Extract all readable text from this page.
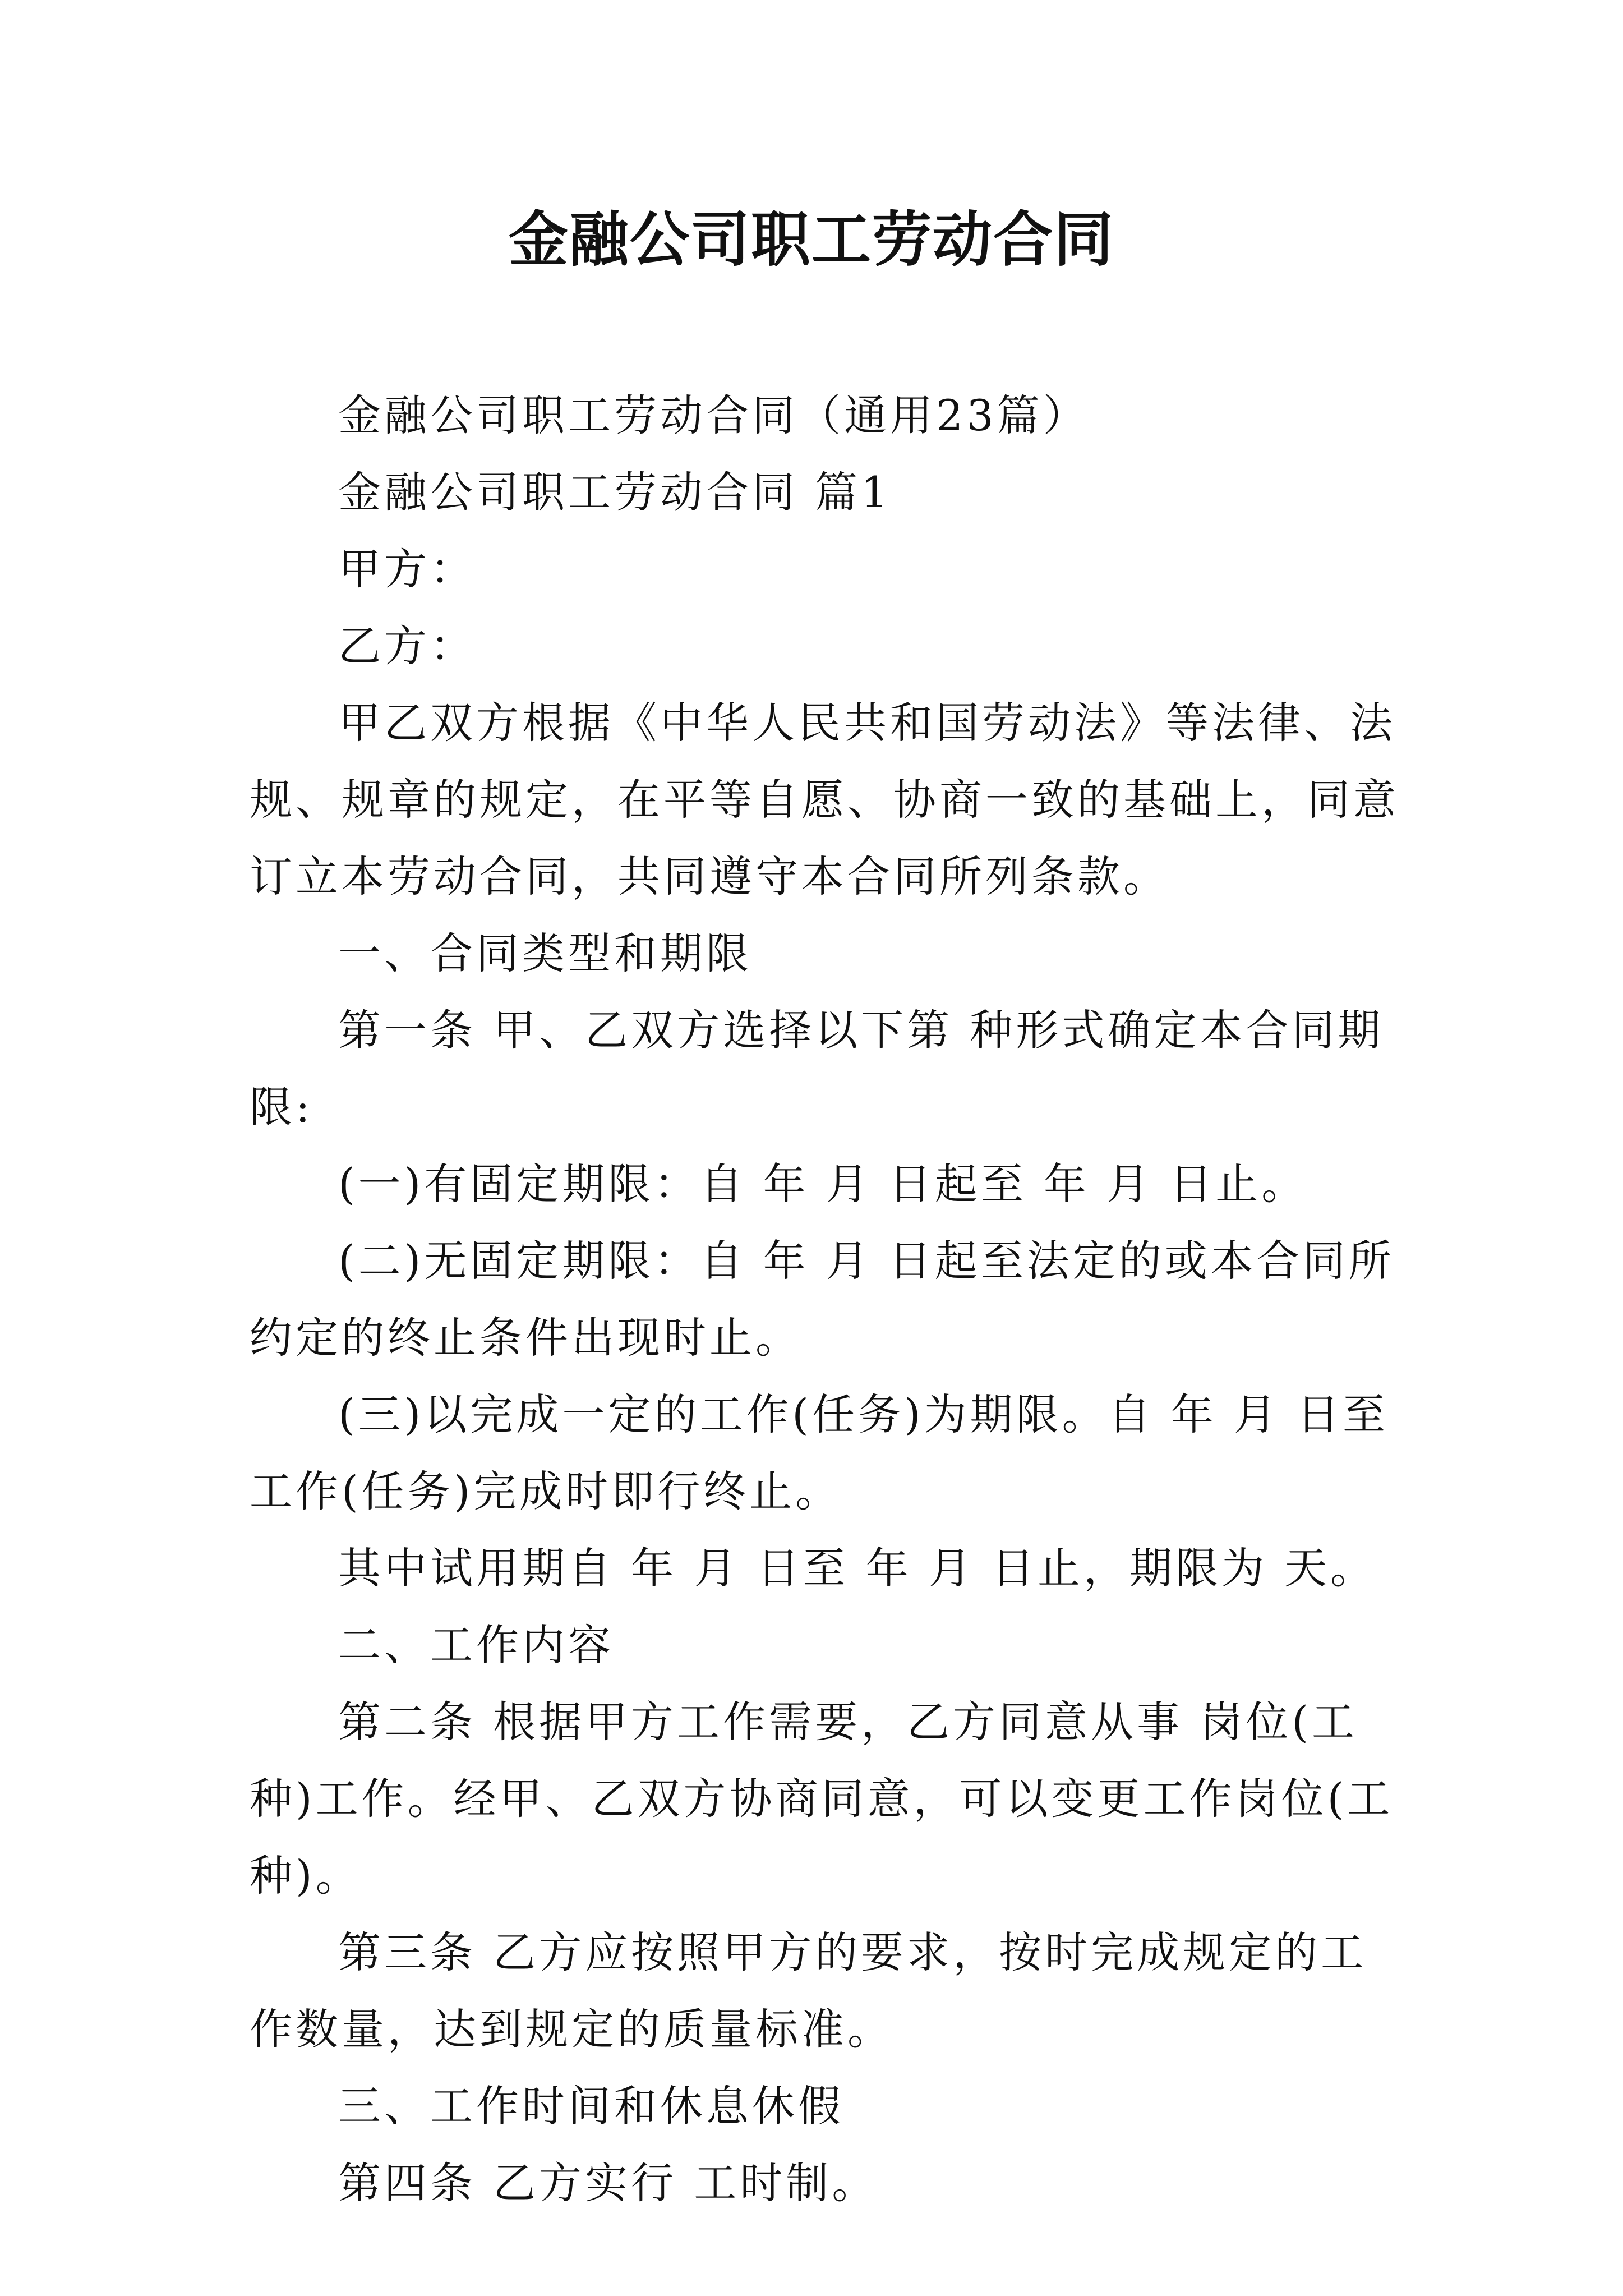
金融公司职工劳动合同

金融公司职工劳动合同（通用23篇）

金融公司职工劳动合同 篇1

甲方：

乙方：

甲乙双方根据《中华人民共和国劳动法》等法律、法规、规章的规定，在平等自愿、协商一致的基础上，同意订立本劳动合同，共同遵守本合同所列条款。

一、合同类型和期限

第一条 甲、乙双方选择以下第 种形式确定本合同期限:

(一)有固定期限：自 年 月 日起至 年 月 日止。

(二)无固定期限：自 年 月 日起至法定的或本合同所约定的终止条件出现时止。

(三)以完成一定的工作(任务)为期限。自 年 月 日至工作(任务)完成时即行终止。

其中试用期自 年 月 日至 年 月 日止，期限为 天。

二、工作内容

第二条 根据甲方工作需要，乙方同意从事 岗位(工种)工作。经甲、乙双方协商同意，可以变更工作岗位(工种)。

第三条 乙方应按照甲方的要求，按时完成规定的工作数量，达到规定的质量标准。

三、工作时间和休息休假

第四条 乙方实行 工时制。
